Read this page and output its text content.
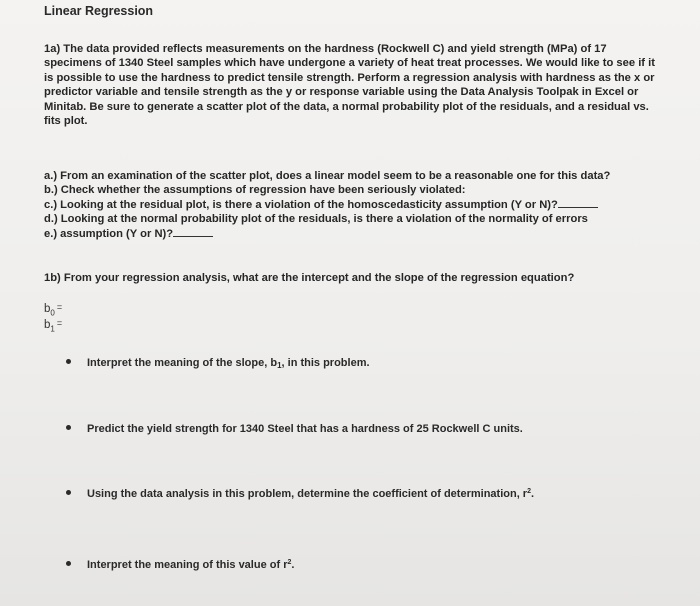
Linear Regression
1a) The data provided reflects measurements on the hardness (Rockwell C) and yield strength (MPa) of 17 specimens of 1340 Steel samples which have undergone a variety of heat treat processes. We would like to see if it is possible to use the hardness to predict tensile strength. Perform a regression analysis with hardness as the x or predictor variable and tensile strength as the y or response variable using the Data Analysis Toolpak in Excel or Minitab. Be sure to generate a scatter plot of the data, a normal probability plot of the residuals, and a residual vs. fits plot.
a.) From an examination of the scatter plot, does a linear model seem to be a reasonable one for this data?
b.) Check whether the assumptions of regression have been seriously violated:
c.) Looking at the residual plot, is there a violation of the homoscedasticity assumption (Y or N)?
d.) Looking at the normal probability plot of the residuals, is there a violation of the normality of errors
e.) assumption (Y or N)?
1b) From your regression analysis, what are the intercept and the slope of the regression equation?
$b_0=$
$b_1=$
Interpret the meaning of the slope, $b_1$, in this problem.
Predict the yield strength for 1340 Steel that has a hardness of 25 Rockwell C units.
Using the data analysis in this problem, determine the coefficient of determination, $r^2$.
Interpret the meaning of this value of $r^2$.
